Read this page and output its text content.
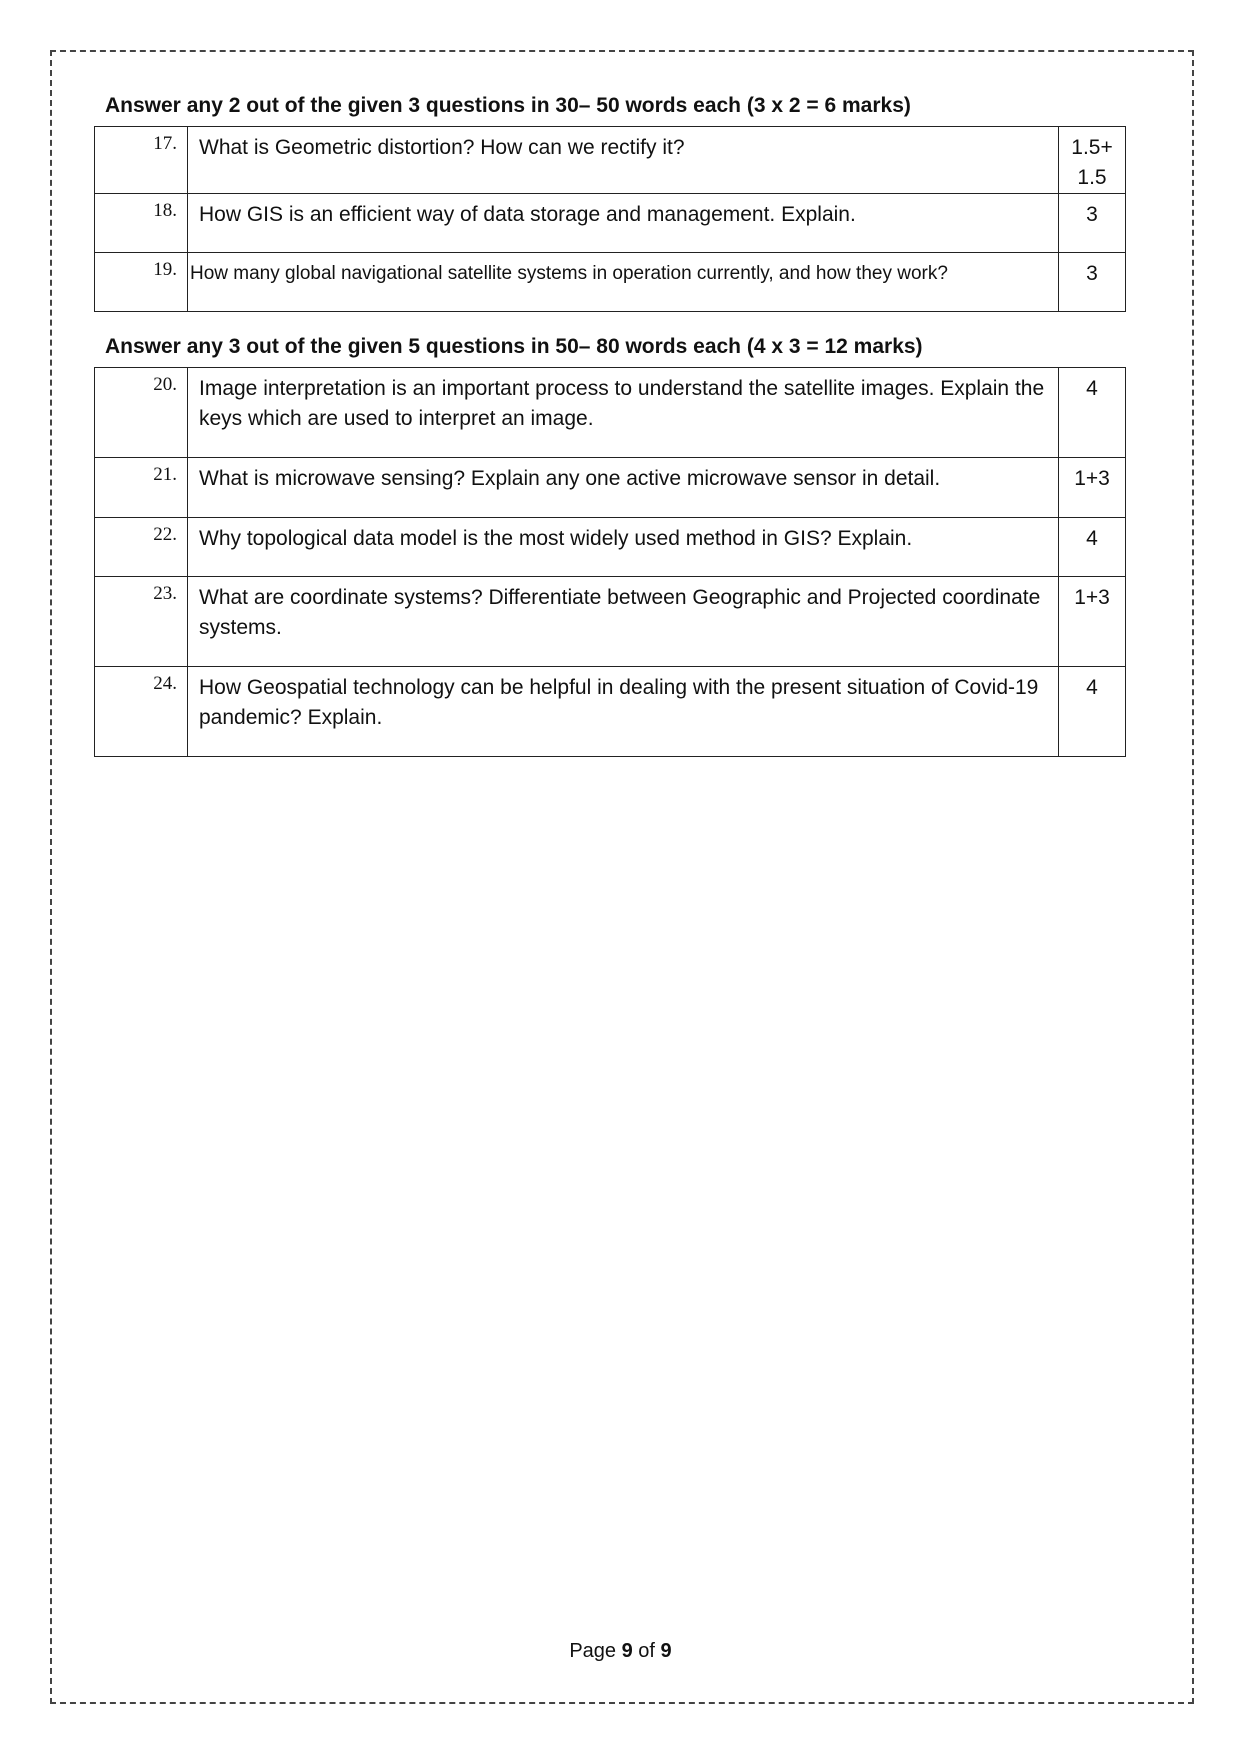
Answer any 2 out of the given 3 questions in 30– 50 words each (3 x 2 = 6 marks)
17.	What is Geometric distortion? How can we rectify it?	1.5+
1.5

18.	How GIS is an efficient way of data storage and management. Explain.	3
19.	How many global navigational satellite systems in operation currently, and how they work?	3
Answer any 3 out of the given 5 questions in 50– 80 words each (4 x 3 = 12 marks)
20.	Image interpretation is an important process to understand the satellite images. Explain the keys which are used to interpret an image.	4
21.	What is microwave sensing? Explain any one active microwave sensor in detail.	1+3
22.	Why topological data model is the most widely used method in GIS? Explain.	4
23.	What are coordinate systems? Differentiate between Geographic and Projected coordinate systems.	1+3
24.	How Geospatial technology can be helpful in dealing with the present situation of Covid-19 pandemic? Explain.	4
Page 9 of 9
